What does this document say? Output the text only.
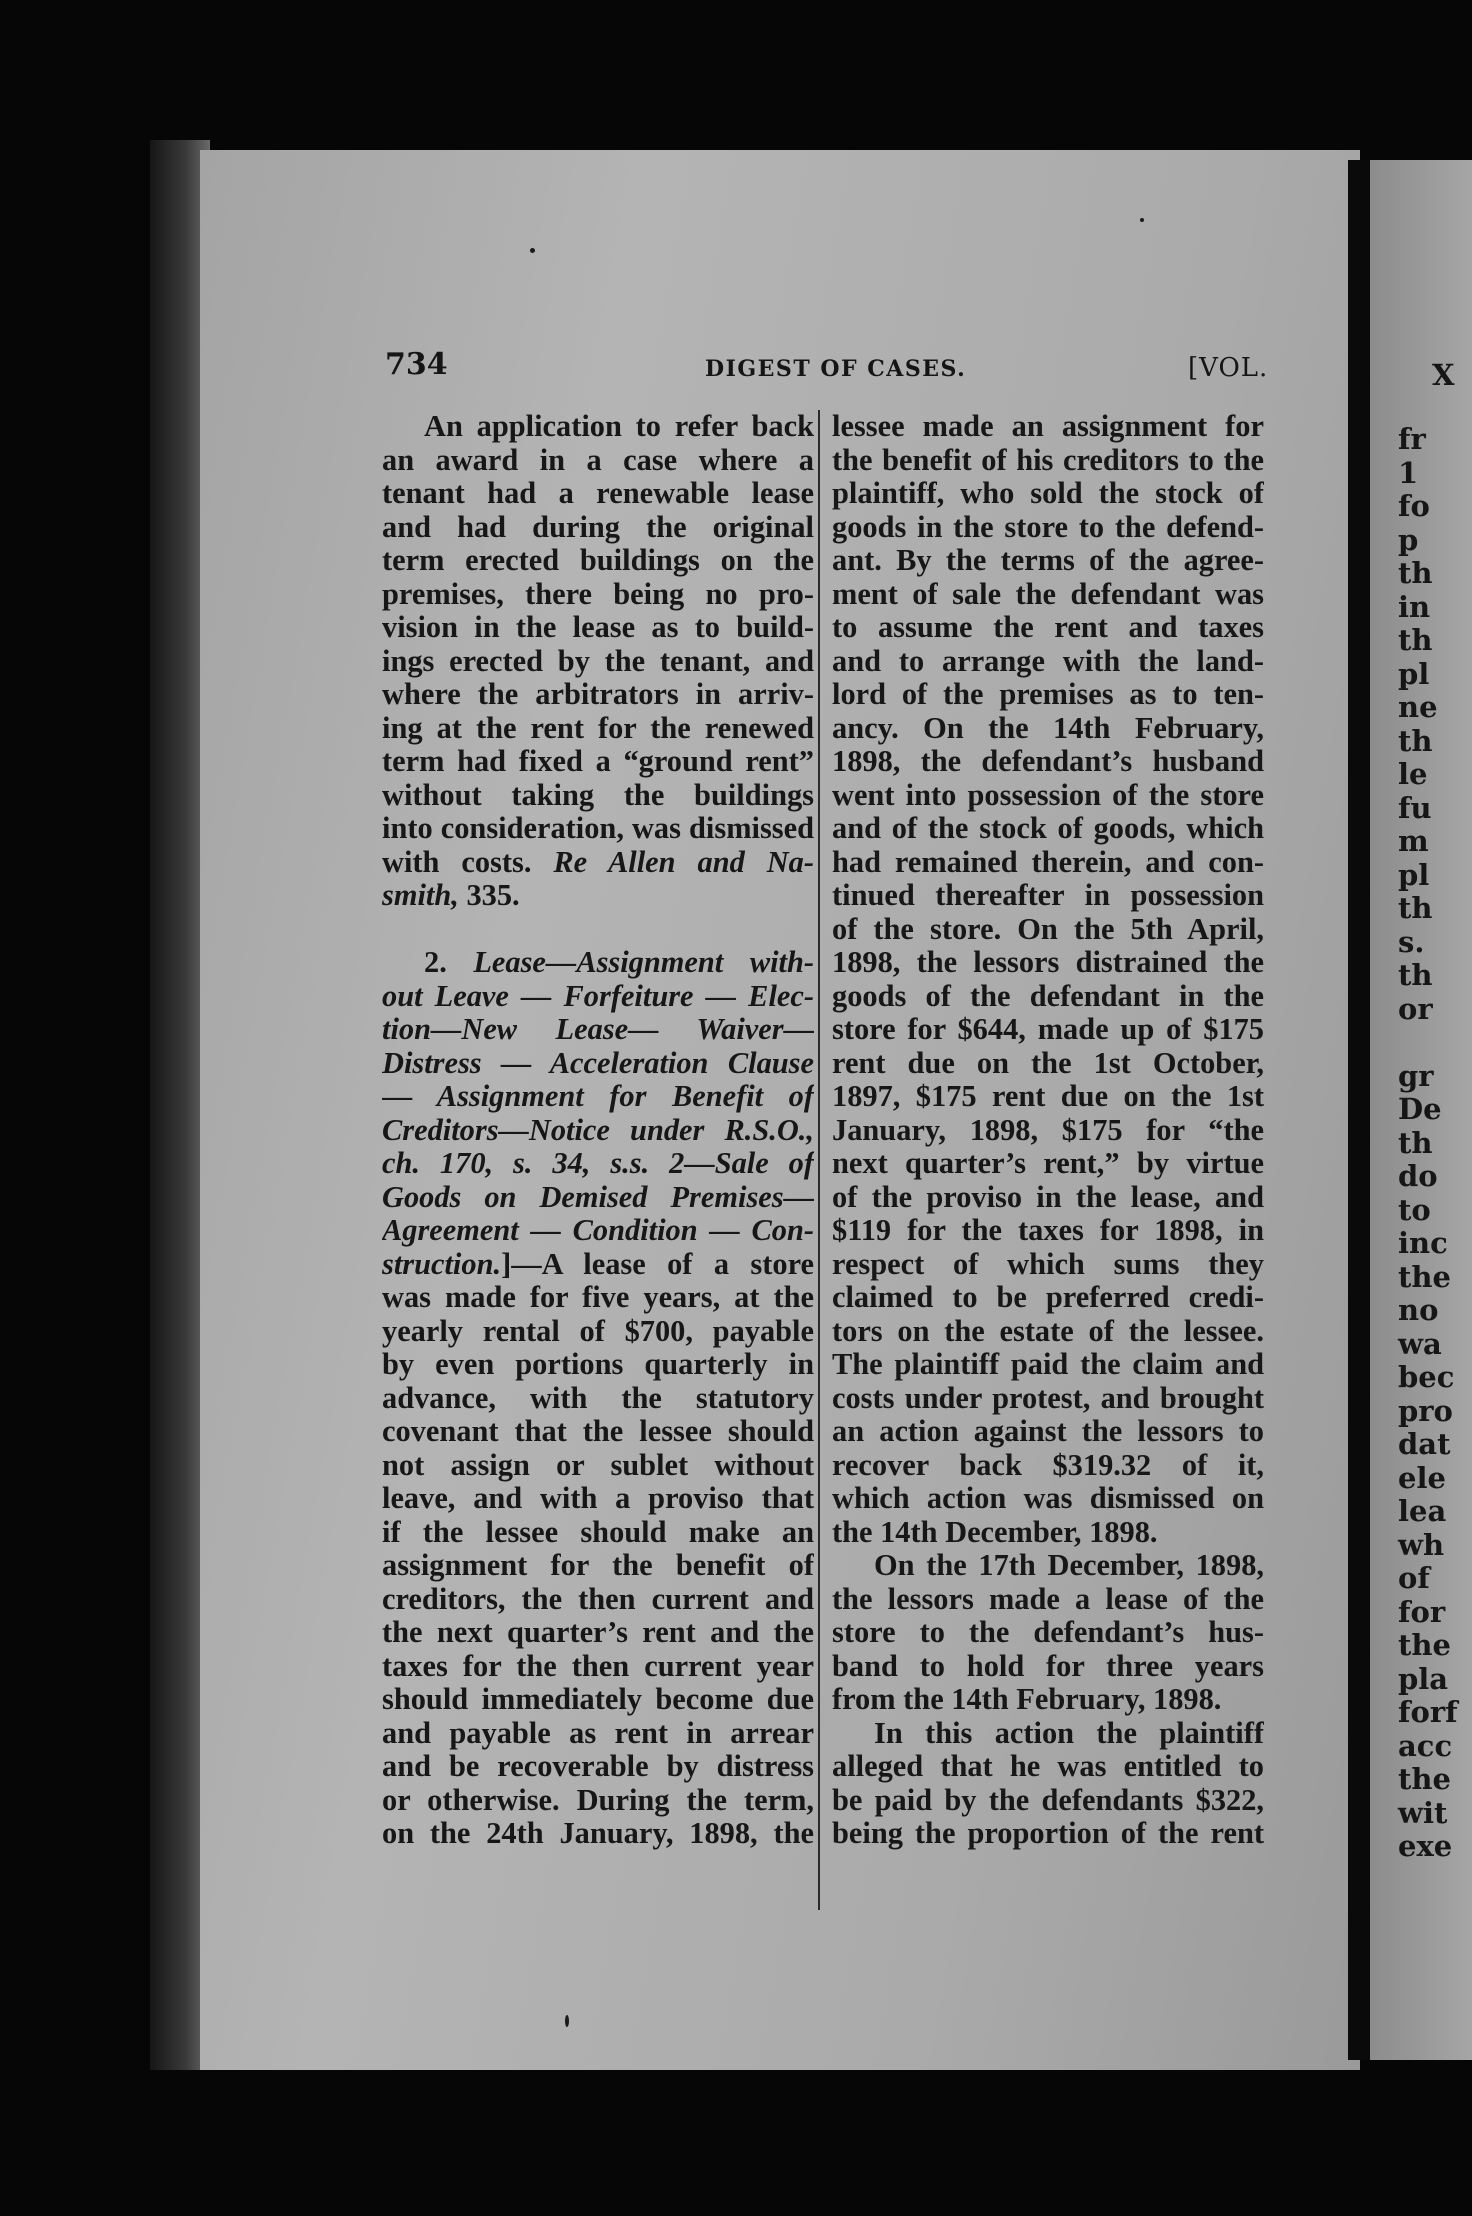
734	DIGEST OF CASES.	[VOL.
An application to refer back
an award in a case where a
tenant had a renewable lease
and had during the original
term erected buildings on the
premises, there being no pro-
vision in the lease as to build-
ings erected by the tenant, and
where the arbitrators in arriv-
ing at the rent for the renewed
term had fixed a “ground rent”
without taking the buildings
into consideration, was dismissed
with costs. Re Allen and Na-
smith, 335.
2. Lease—Assignment with-
out Leave — Forfeiture — Elec-
tion—New Lease— Waiver—
Distress — Acceleration Clause
— Assignment for Benefit of
Creditors—Notice under R.S.O.,
ch. 170, s. 34, s.s. 2—Sale of
Goods on Demised Premises—
Agreement — Condition — Con-
struction.]—A lease of a store
was made for five years, at the
yearly rental of $700, payable
by even portions quarterly in
advance, with the statutory
covenant that the lessee should
not assign or sublet without
leave, and with a proviso that
if the lessee should make an
assignment for the benefit of
creditors, the then current and
the next quarter’s rent and the
taxes for the then current year
should immediately become due
and payable as rent in arrear
and be recoverable by distress
or otherwise. During the term,
on the 24th January, 1898, the
lessee made an assignment for
the benefit of his creditors to the
plaintiff, who sold the stock of
goods in the store to the defend-
ant. By the terms of the agree-
ment of sale the defendant was
to assume the rent and taxes
and to arrange with the land-
lord of the premises as to ten-
ancy. On the 14th February,
1898, the defendant’s husband
went into possession of the store
and of the stock of goods, which
had remained therein, and con-
tinued thereafter in possession
of the store. On the 5th April,
1898, the lessors distrained the
goods of the defendant in the
store for $644, made up of $175
rent due on the 1st October,
1897, $175 rent due on the 1st
January, 1898, $175 for “the
next quarter’s rent,” by virtue
of the proviso in the lease, and
$119 for the taxes for 1898, in
respect of which sums they
claimed to be preferred credi-
tors on the estate of the lessee.
The plaintiff paid the claim and
costs under protest, and brought
an action against the lessors to
recover back $319.32 of it,
which action was dismissed on
the 14th December, 1898.
On the 17th December, 1898,
the lessors made a lease of the
store to the defendant’s hus-
band to hold for three years
from the 14th February, 1898.
In this action the plaintiff
alleged that he was entitled to
be paid by the defendants $322,
being the proportion of the rent
X
fr
1
fo
p
th
in
th
pl
ne
th
le
fu
m
pl
th
s.
th
or
gr
De
th
do
to
inc
the
no
wa
bec
pro
dat
ele
lea
wh
of
for
the
pla
forf
acc
the
wit
exe
